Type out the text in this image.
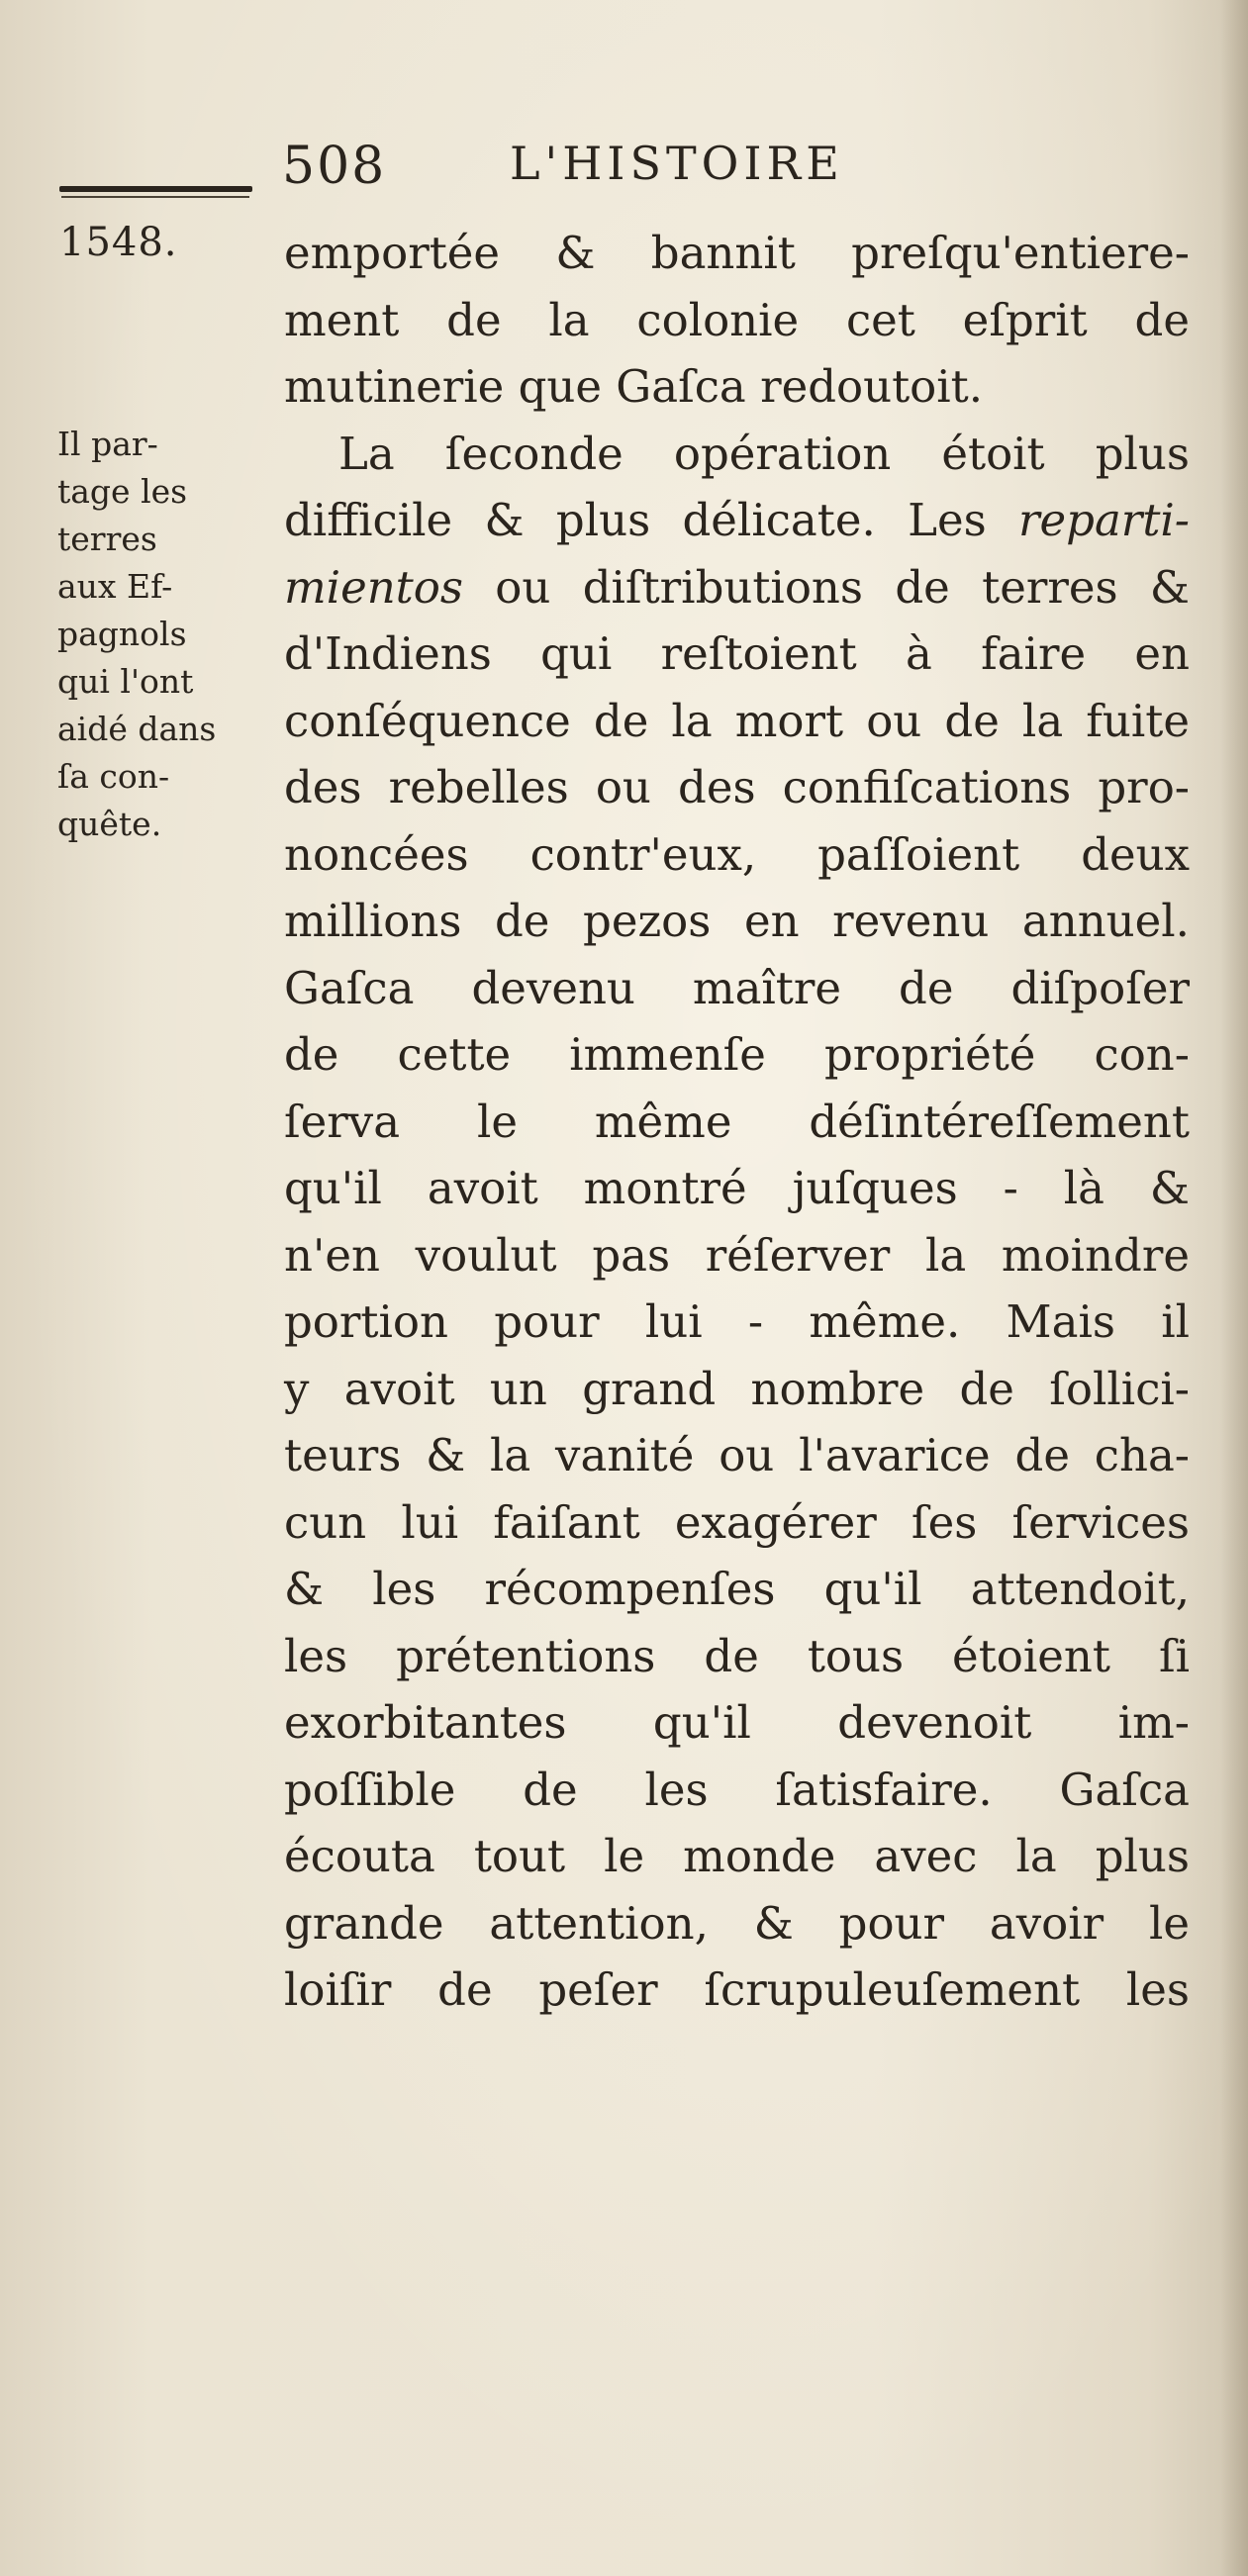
508	L'HISTOIRE
1548.
Il par-
tage les
terres
aux Ef-
pagnols
qui l'ont
aidé dans
ſa con-
quête.
emportée & bannit preſqu'entiere-
ment de la colonie cet eſprit de
mutinerie que Gaſca redoutoit.
La ſeconde opération étoit plus
difficile & plus délicate. Les reparti-
mientos ou diſtributions de terres &
d'Indiens qui reſtoient à faire en
conſéquence de la mort ou de la fuite
des rebelles ou des confiſcations pro-
noncées contr'eux, paſſoient deux
millions de pezos en revenu annuel.
Gaſca devenu maître de diſpoſer
de cette immenſe propriété con-
ſerva le même déſintéreſſement
qu'il avoit montré juſques - là &
n'en voulut pas réſerver la moindre
portion pour lui - même. Mais il
y avoit un grand nombre de ſollici-
teurs & la vanité ou l'avarice de cha-
cun lui faiſant exagérer ſes ſervices
& les récompenſes qu'il attendoit,
les prétentions de tous étoient ſi
exorbitantes qu'il devenoit im-
poſſible de les ſatisfaire. Gaſca
écouta tout le monde avec la plus
grande attention, & pour avoir le
loiſir de peſer ſcrupuleuſement les
